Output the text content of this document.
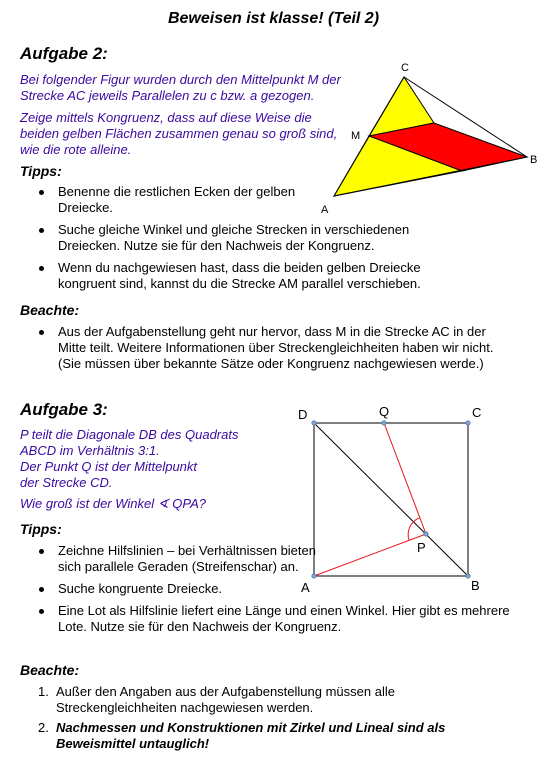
Beweisen ist klasse! (Teil 2)
Aufgabe 2:

Bei folgender Figur wurden durch den Mittelpunkt M der Strecke AC jeweils Parallelen zu c bzw. a gezogen.

Zeige mittels Kongruenz, dass auf diese Weise die beiden gelben Flächen zusammen genau so groß sind, wie die rote alleine.

Tipps:
Benenne die restlichen Ecken der gelben Dreiecke.
Suche gleiche Winkel und gleiche Strecken in verschiedenen Dreiecken. Nutze sie für den Nachweis der Kongruenz.
Wenn du nachgewiesen hast, dass die beiden gelben Dreiecke kongruent sind, kannst du die Strecke AM parallel verschieben.
Beachte:
Aus der Aufgabenstellung geht nur hervor, dass M in die Strecke AC in der Mitte teilt. Weitere Informationen über Streckengleichheiten haben wir nicht. (Sie müssen über bekannte Sätze oder Kongruenz nachgewiesen werde.)
C
M
B
A
Aufgabe 3:

P teilt die Diagonale DB des Quadrats

ABCD im Verhältnis 3:1.

Der Punkt Q ist der Mittelpunkt

der Strecke CD.

Wie groß ist der Winkel ∢ QPA?

Tipps:
Zeichne Hilfslinien – bei Verhältnissen bieten sich parallele Geraden (Streifenschar) an.
Suche kongruente Dreiecke.
Eine Lot als Hilfslinie liefert eine Länge und einen Winkel. Hier gibt es mehrere Lote. Nutze sie für den Nachweis der Kongruenz.
Beachte:
1. Außer den Angaben aus der Aufgabenstellung müssen alle Streckengleichheiten nachgewiesen werden.
2. Nachmessen und Konstruktionen mit Zirkel und Lineal sind als Beweismittel untauglich!
D	Q	C
P
A	B
